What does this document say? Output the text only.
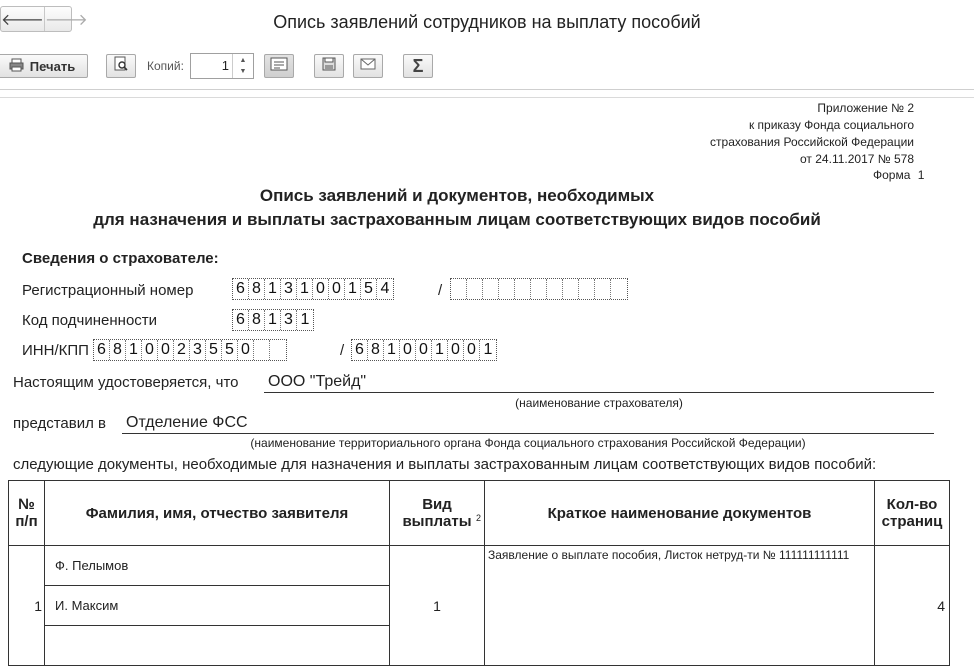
🡐 🡒	Опись заявлений сотрудников на выплату пособий
Печать	Копий:	1	▲
▼	Σ
Приложение № 2
к приказу Фонда социального
страхования Российской Федерации
от 24.11.2017 № 578
Форма 1
Опись заявлений и документов, необходимых
для назначения и выплаты застрахованным лицам соответствующих видов пособий
Сведения о страхователе:
Регистрационный номер	6 8 1 3 1 0 0 1 5 4	/
Код подчиненности	6 8 1 3 1
ИНН/КПП 6 8 1 0 0 2 3 5 5 0	/ 6 8 1 0 0 1 0 0 1
Настоящим удостоверяется, что ООО "Трейд"
(наименование страхователя)
представил в Отделение ФСС
(наименование территориального органа Фонда социального страхования Российской Федерации)
следующие документы, необходимые для назначения и выплаты застрахованным лицам соответствующих видов пособий:
№ п/п	Фамилия, имя, отчество заявителя	Вид выплаты 2	Краткое наименование документов	Кол-во страниц
1	Ф. Пелымов	1	Заявление о выплате пособия, Листок нетруд-ти № 111111111111	4
	И. Максим			
